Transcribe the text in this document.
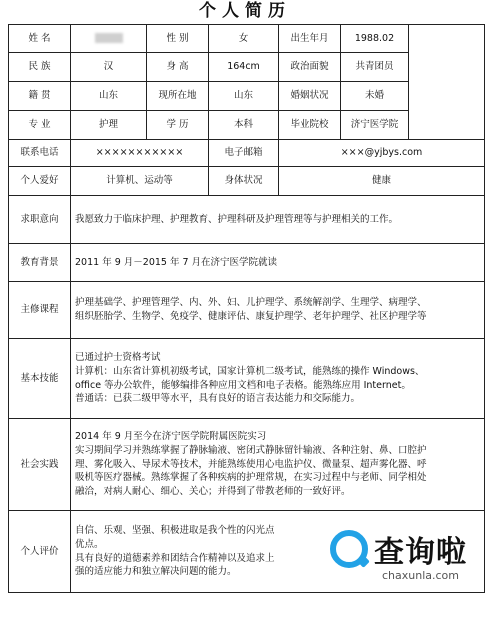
个人简历
姓 名		性 别	女	出生年月	1988.02	
民 族	汉	身 高	164cm	政治面貌	共青团员	
籍 贯	山东	现所在地	山东	婚姻状况	未婚	
专 业	护理	学 历	本科	毕业院校	济宁医学院	
联系电话	×××××××××××		电子邮箱	×××@yjbys.com		
个人爱好	计算机、运动等		身体状况	健康		
求职意向	我愿致力于临床护理、护理教育、护理科研及护理管理等与护理相关的工作。					

教育背景	2011 年 9 月－2015 年 7 月在济宁医学院就读					

主修课程	护理基础学、护理管理学、内、外、妇、儿护理学、系统解剖学、生理学、病理学、
组织胚胎学、生物学、免疫学、健康评估、康复护理学、老年护理学、社区护理学等					

基本技能	已通过护士资格考试
计算机：山东省计算机初级考试，国家计算机二级考试，能熟练的操作 Windows、
office 等办公软件，能够编排各种应用文档和电子表格。能熟练应用 Internet。
普通话：已获二级甲等水平，具有良好的语言表达能力和交际能力。					

社会实践	2014 年 9 月至今在济宁医学院附属医院实习
实习期间学习并熟练掌握了静脉输液、密闭式静脉留针输液、各种注射、鼻、口腔护
理、雾化吸入、导尿术等技术，并能熟练使用心电监护仪、微量泵、超声雾化器、呼
吸机等医疗器械。熟练掌握了各种疾病的护理常规，在实习过程中与老师、同学相处
融洽，对病人耐心、细心、关心；并得到了带教老师的一致好评。					

个人评价	自信、乐观、坚强、积极进取是我个性的闪光点
优点。
具有良好的道德素养和团结合作精神以及追求上
强的适应能力和独立解决问题的能力。					
查询啦
chaxunla.com
